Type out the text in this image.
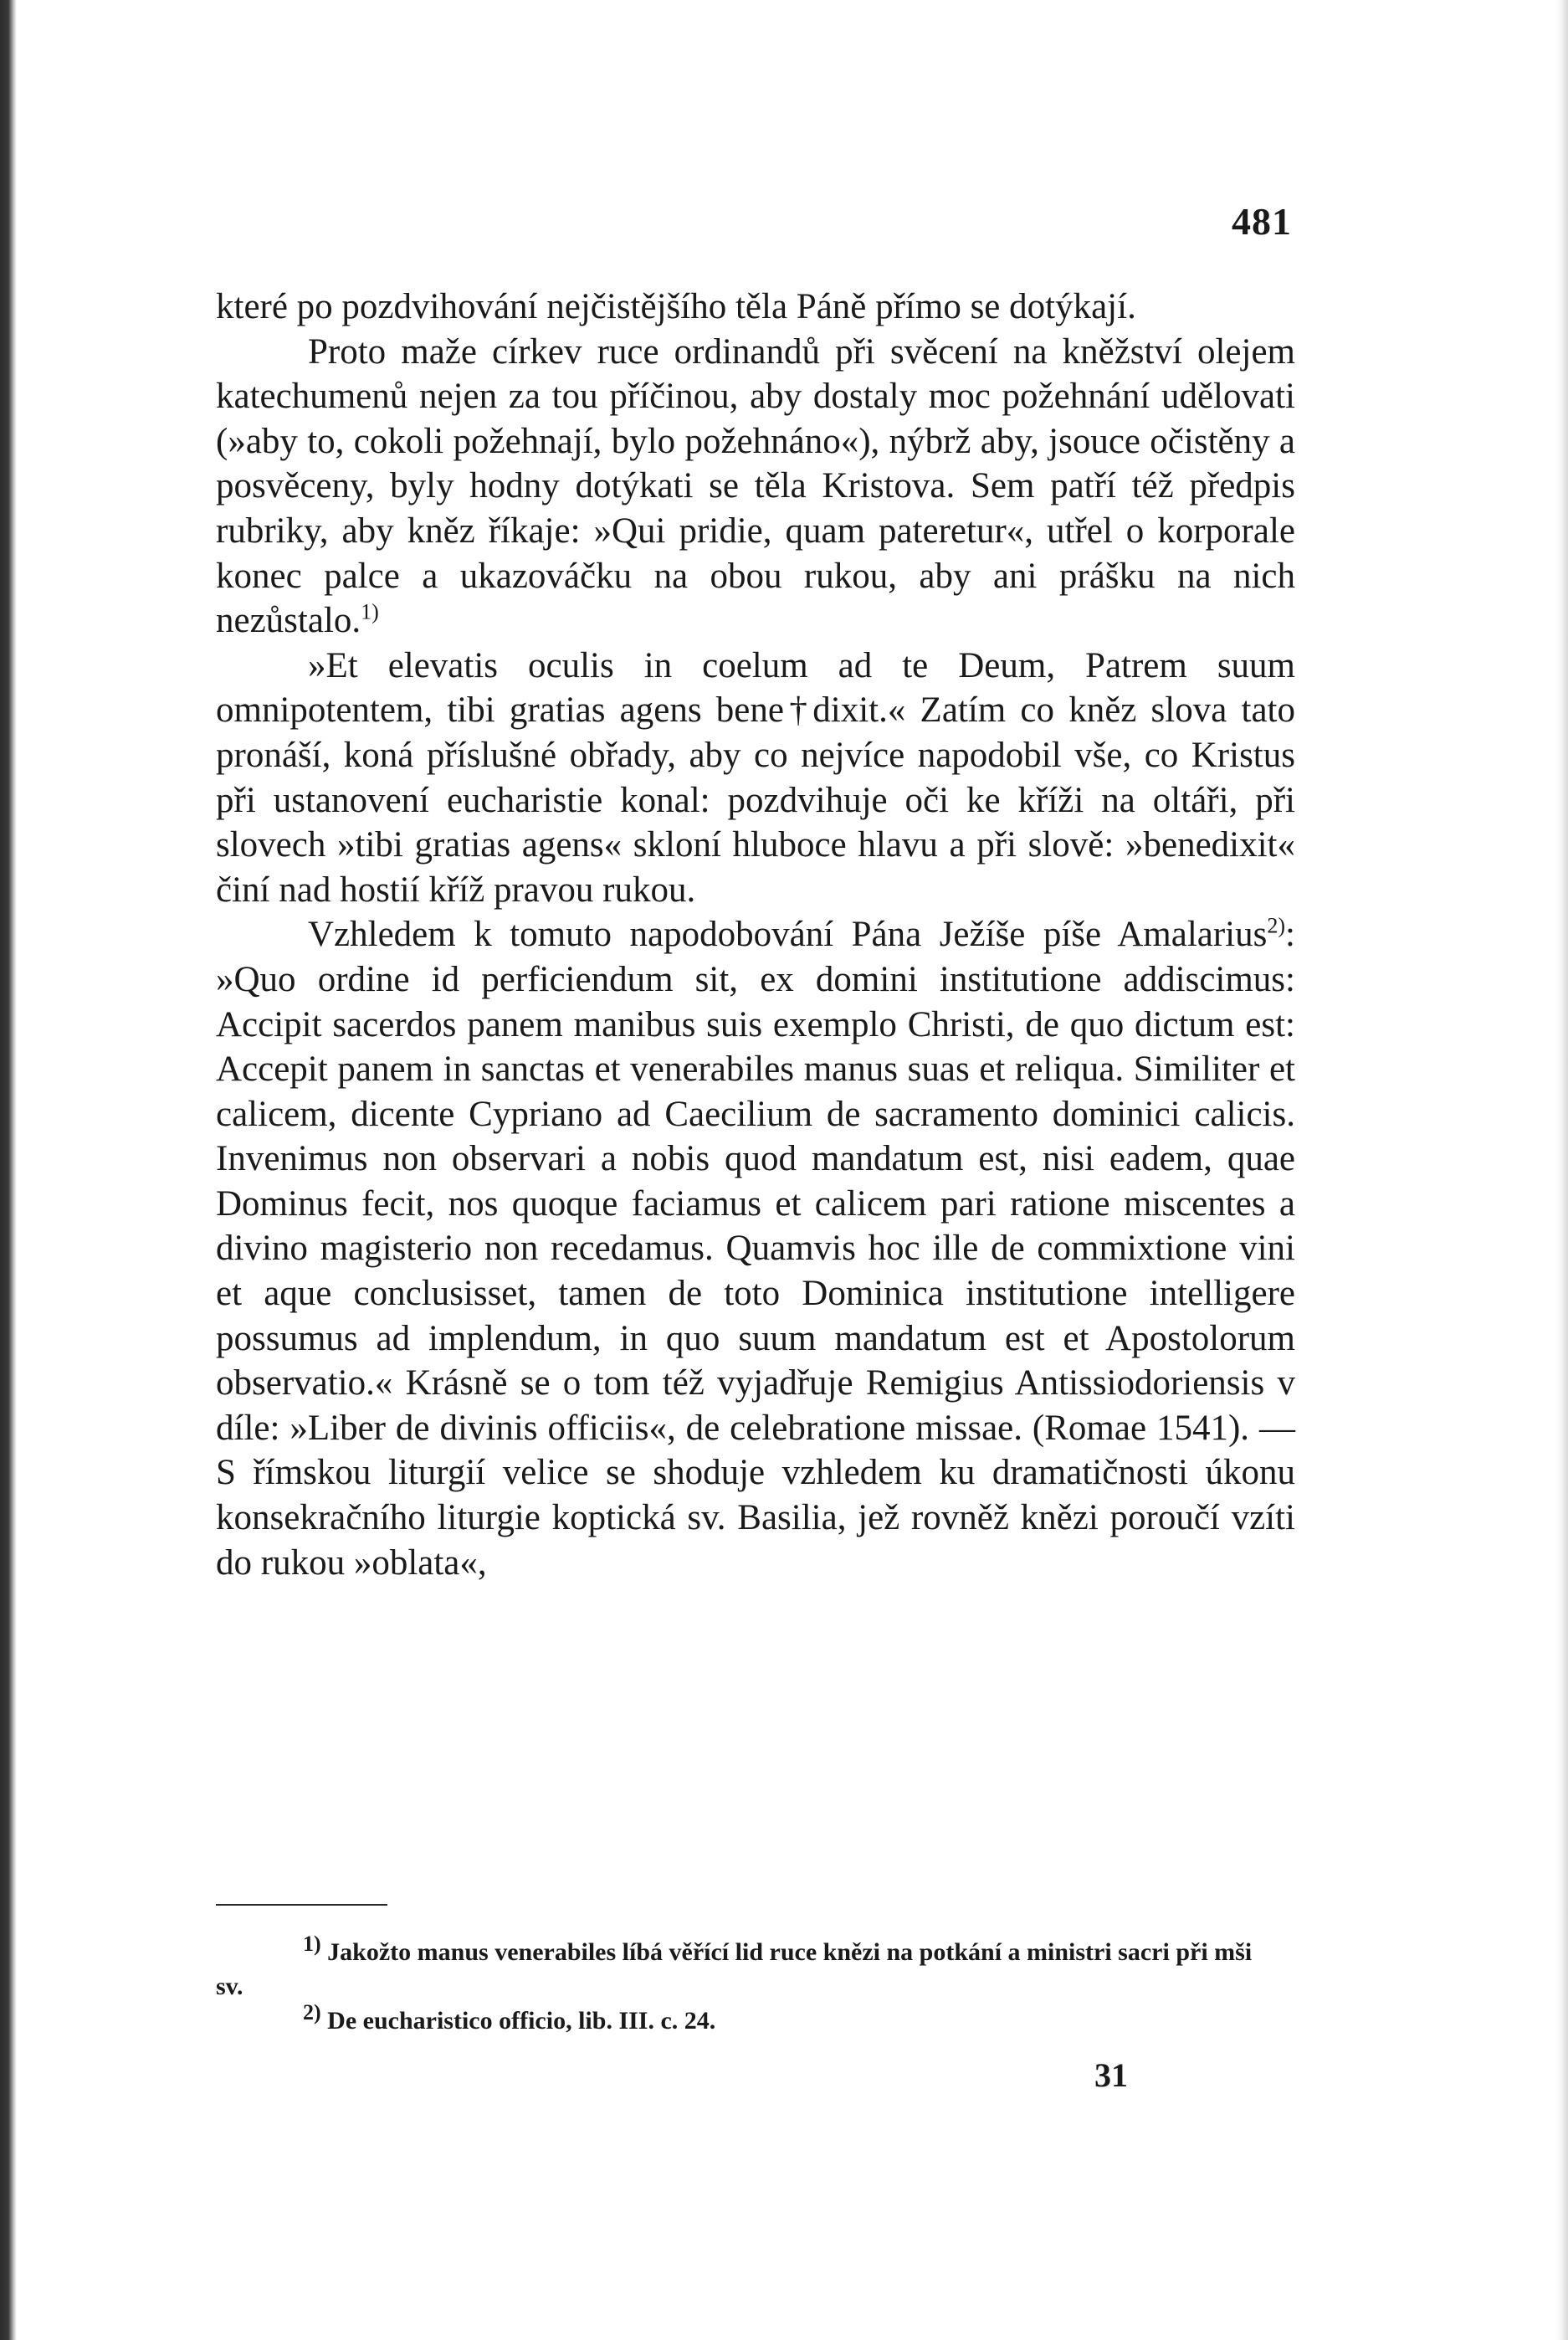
481

které po pozdvihování nejčistějšího těla Páně přímo se dotýkají.

Proto maže církev ruce ordinandů při svěcení na kněžství olejem katechumenů nejen za tou příčinou, aby dostaly moc požehnání udělovati (»aby to, cokoli požehnají, bylo požehnáno«), nýbrž aby, jsouce očistěny a posvěceny, byly hodny dotýkati se těla Kristova. Sem patří též předpis rubriky, aby kněz říkaje: »Qui pridie, quam pateretur«, utřel o korporale konec palce a ukazováčku na obou rukou, aby ani prášku na nich nezůstalo.$^{1)}$

»Et elevatis oculis in coelum ad te Deum, Patrem suum omnipotentem, tibi gratias agens bene†dixit.« Zatím co kněz slova tato pronáší, koná příslušné obřady, aby co nejvíce napodobil vše, co Kristus při ustanovení eucharistie konal: pozdvihuje oči ke kříži na oltáři, při slovech »tibi gratias agens« skloní hluboce hlavu a při slově: »benedixit« činí nad hostií kříž pravou rukou.

Vzhledem k tomuto napodobování Pána Ježíše píše Amalarius$^{2)}$: »Quo ordine id perficiendum sit, ex domini institutione addiscimus: Accipit sacerdos panem manibus suis exemplo Christi, de quo dictum est: Accepit panem in sanctas et venerabiles manus suas et reliqua. Similiter et calicem, dicente Cypriano ad Caecilium de sacramento dominici calicis. Invenimus non observari a nobis quod mandatum est, nisi eadem, quae Dominus fecit, nos quoque faciamus et calicem pari ratione miscentes a divino magisterio non recedamus. Quamvis hoc ille de commixtione vini et aque conclusisset, tamen de toto Dominica institutione intelligere possumus ad implendum, in quo suum mandatum est et Apostolorum observatio.« Krásně se o tom též vyjadřuje Remigius Antissiodoriensis v díle: »Liber de divinis officiis«, de celebratione missae. (Romae 1541). — S římskou liturgií velice se shoduje vzhledem ku dramatičnosti úkonu konsekračního liturgie koptická sv. Basilia, jež rovněž knězi poroučí vzíti do rukou »oblata«,

$^{1)}$ Jakožto manus venerabiles líbá věřící lid ruce knězi na potkání a ministri sacri při mši sv.

$^{2)}$ De eucharistico officio, lib. III. c. 24.

31
